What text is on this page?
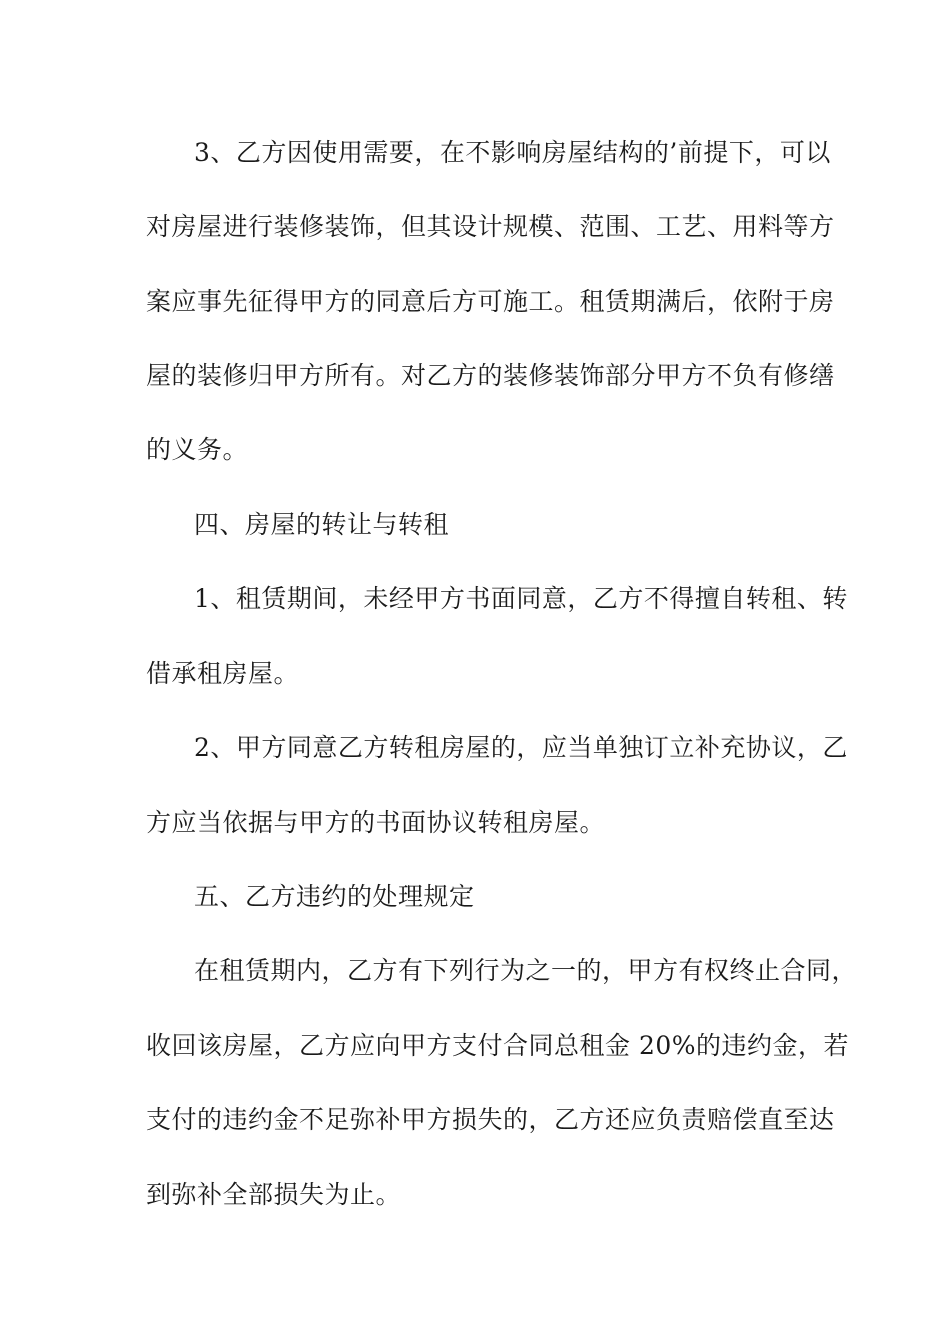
3、乙方因使用需要，在不影响房屋结构的’前提下，可以
对房屋进行装修装饰，但其设计规模、范围、工艺、用料等方
案应事先征得甲方的同意后方可施工。租赁期满后，依附于房
屋的装修归甲方所有。对乙方的装修装饰部分甲方不负有修缮
的义务。
四、房屋的转让与转租
1、租赁期间，未经甲方书面同意，乙方不得擅自转租、转
借承租房屋。
2、甲方同意乙方转租房屋的，应当单独订立补充协议，乙
方应当依据与甲方的书面协议转租房屋。
五、乙方违约的处理规定
在租赁期内，乙方有下列行为之一的，甲方有权终止合同，
收回该房屋，乙方应向甲方支付合同总租金 20%的违约金，若
支付的违约金不足弥补甲方损失的，乙方还应负责赔偿直至达
到弥补全部损失为止。
